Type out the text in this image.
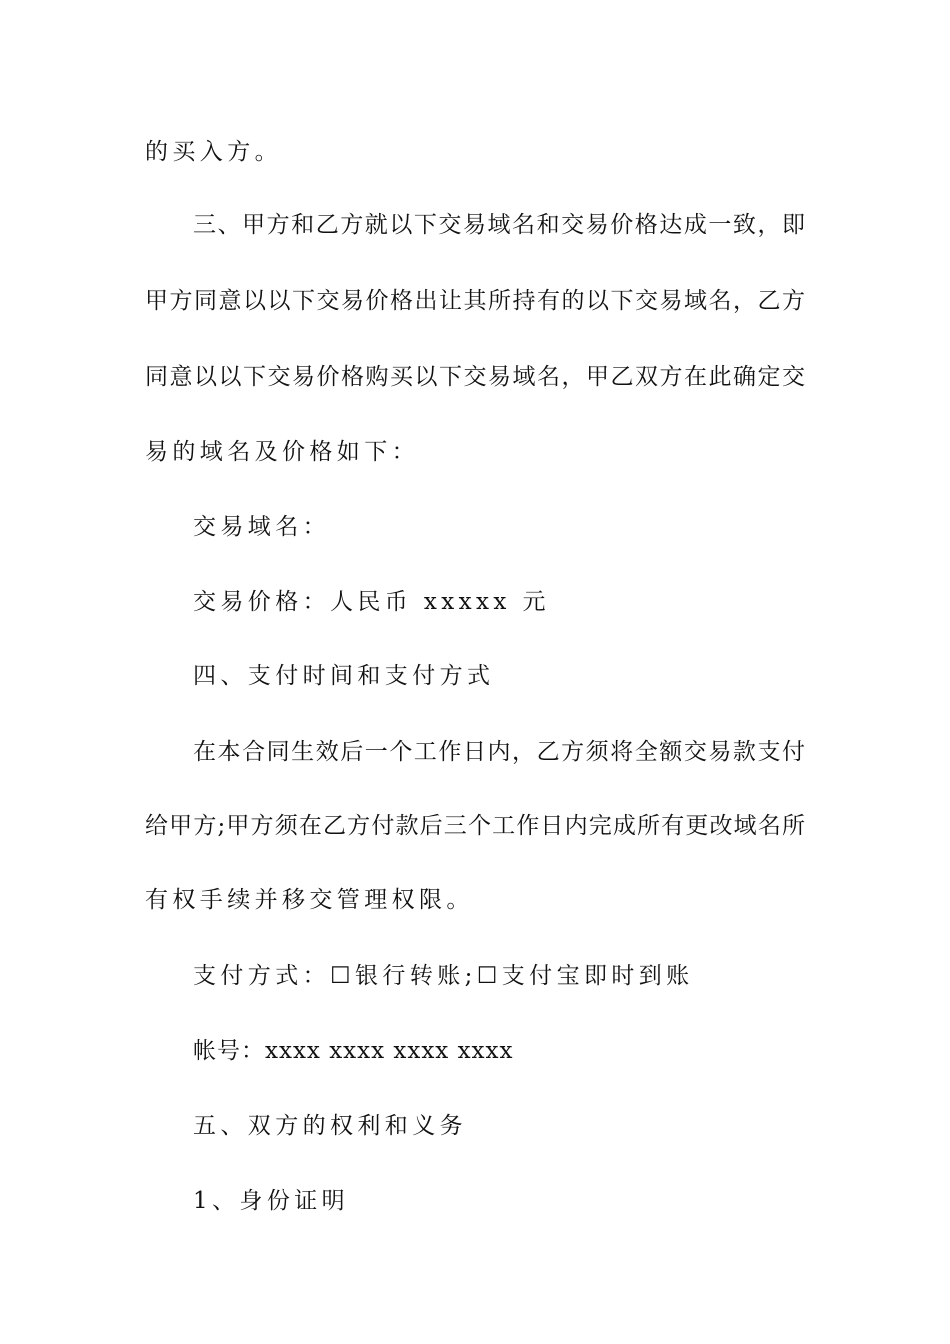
的买入方。
三、甲方和乙方就以下交易域名和交易价格达成一致，即
甲方同意以以下交易价格出让其所持有的以下交易域名，乙方
同意以以下交易价格购买以下交易域名，甲乙双方在此确定交
易的域名及价格如下：
交易域名：
交易价格：人民币 xxxxx 元
四、支付时间和支付方式
在本合同生效后一个工作日内，乙方须将全额交易款支付
给甲方;甲方须在乙方付款后三个工作日内完成所有更改域名所
有权手续并移交管理权限。
支付方式：☐银行转账;☐支付宝即时到账
帐号：xxxx xxxx xxxx xxxx
五、双方的权利和义务
1、身份证明
